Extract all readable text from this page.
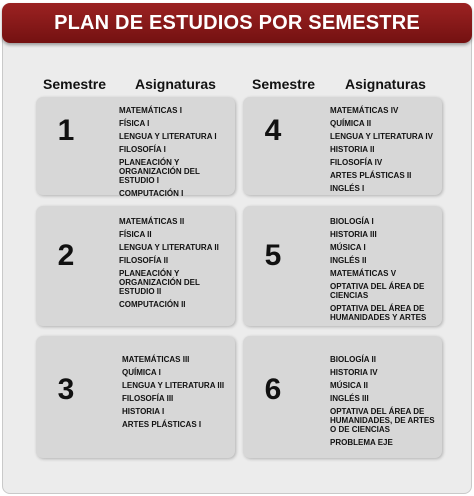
PLAN DE ESTUDIOS POR SEMESTRE
Semestre Asignaturas	Semestre Asignaturas
1
MATEMÁTICAS I
FÍSICA I
LENGUA Y LITERATURA I
FILOSOFÍA I
PLANEACIÓN Y ORGANIZACIÓN DEL ESTUDIO I
COMPUTACIÓN I
4
MATEMÁTICAS IV
QUÍMICA II
LENGUA Y LITERATURA IV
HISTORIA II
FILOSOFÍA IV
ARTES PLÁSTICAS II
INGLÉS I
2
MATEMÁTICAS II
FÍSICA II
LENGUA Y LITERATURA II
FILOSOFÍA II
PLANEACIÓN Y ORGANIZACIÓN DEL ESTUDIO II
COMPUTACIÓN II
5
BIOLOGÍA I
HISTORIA III
MÚSICA I
INGLÉS II
MATEMÁTICAS V
OPTATIVA DEL ÁREA DE CIENCIAS
OPTATIVA DEL ÁREA DE HUMANIDADES Y ARTES
3
MATEMÁTICAS III
QUÍMICA I
LENGUA Y LITERATURA III
FILOSOFÍA III
HISTORIA I
ARTES PLÁSTICAS I
6
BIOLOGÍA II
HISTORIA IV
MÚSICA II
INGLÉS III
OPTATIVA DEL ÁREA DE HUMANIDADES, DE ARTES O DE CIENCIAS
PROBLEMA EJE
